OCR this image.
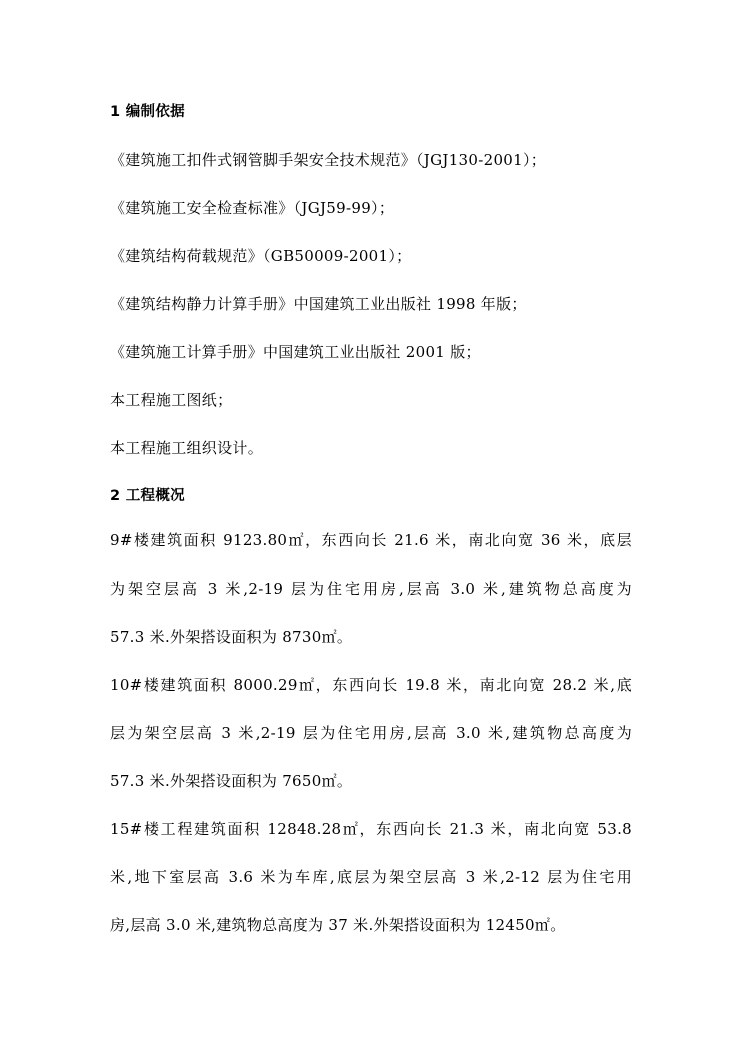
1 编制依据
《建筑施工扣件式钢管脚手架安全技术规范》（JGJ130-2001）；
《建筑施工安全检查标准》（JGJ59-99）；
《建筑结构荷载规范》（GB50009-2001）；
《建筑结构静力计算手册》中国建筑工业出版社 1998 年版；
《建筑施工计算手册》中国建筑工业出版社 2001 版；
本工程施工图纸；
本工程施工组织设计。
2 工程概况
9#楼建筑面积 9123.80㎡，东西向长 21.6 米，南北向宽 36 米，底层
为架空层高 3 米,2-19 层为住宅用房,层高 3.0 米,建筑物总高度为
57.3 米.外架搭设面积为 8730㎡。
10#楼建筑面积 8000.29㎡，东西向长 19.8 米，南北向宽 28.2 米,底
层为架空层高 3 米,2-19 层为住宅用房,层高 3.0 米,建筑物总高度为
57.3 米.外架搭设面积为 7650㎡。
15#楼工程建筑面积 12848.28㎡，东西向长 21.3 米，南北向宽 53.8
米,地下室层高 3.6 米为车库,底层为架空层高 3 米,2-12 层为住宅用
房,层高 3.0 米,建筑物总高度为 37 米.外架搭设面积为 12450㎡。
